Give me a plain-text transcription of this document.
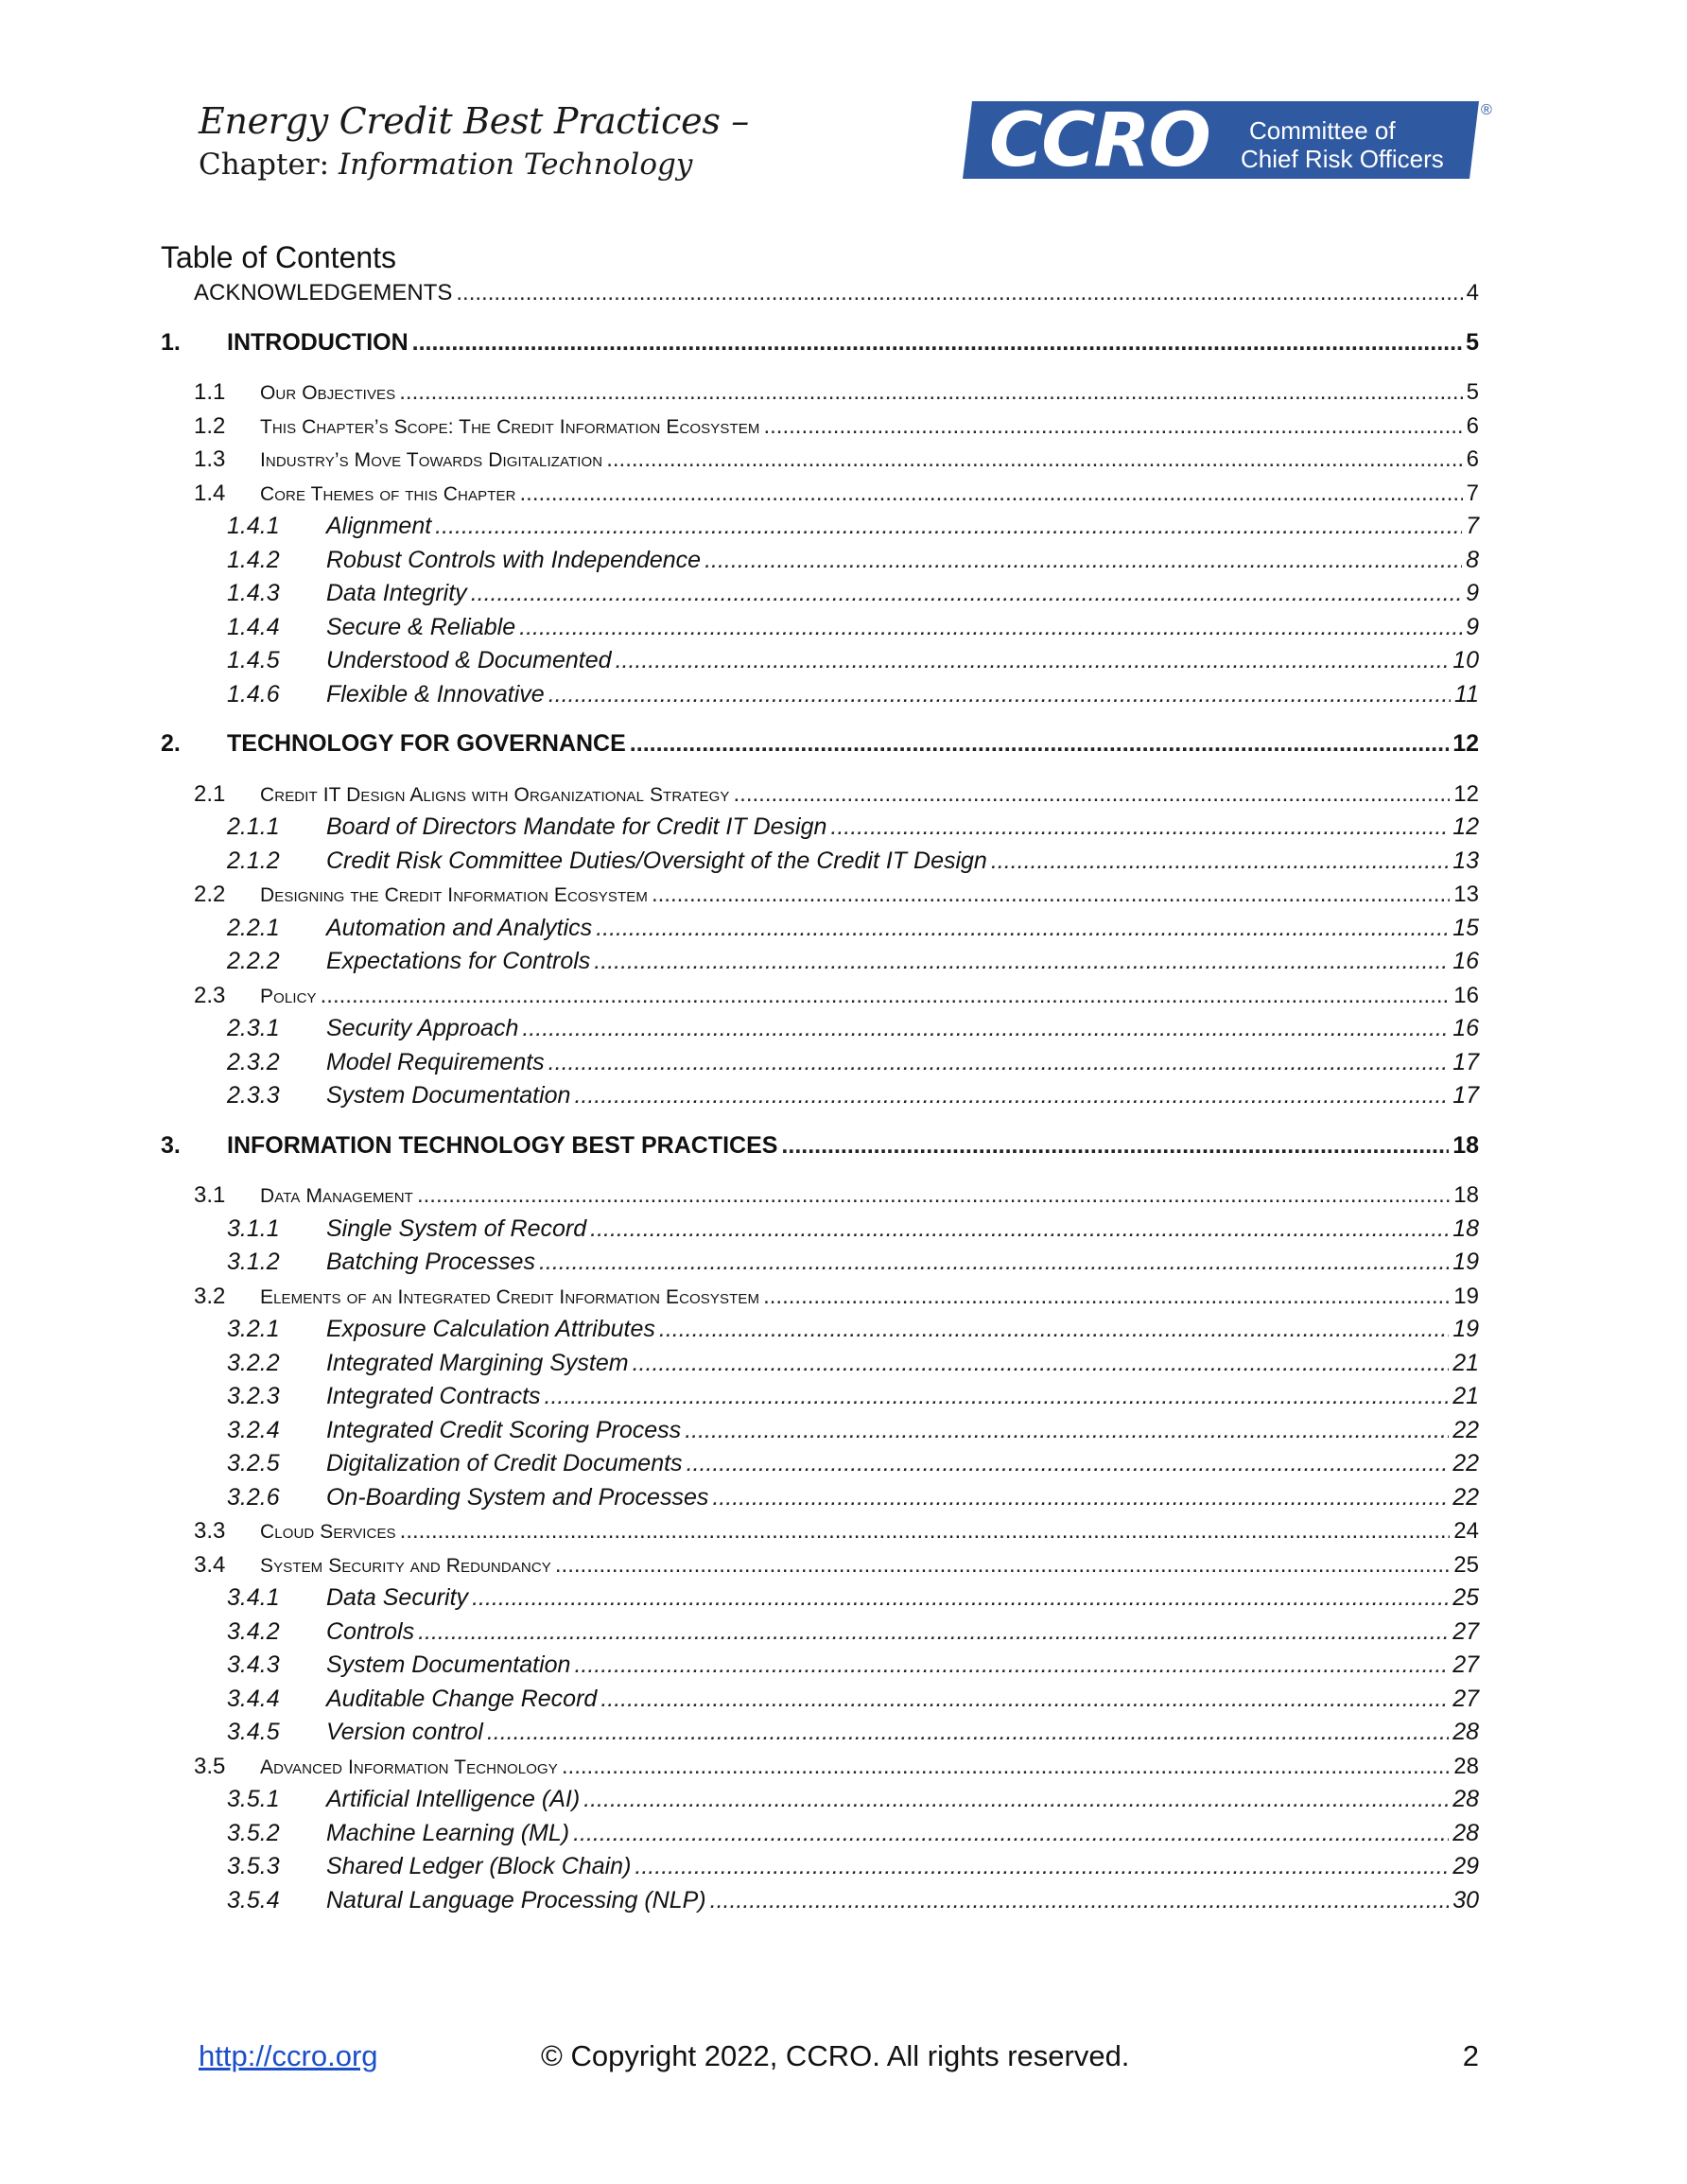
Energy Credit Best Practices –
Chapter: Information Technology	CCRO Committee of
Chief Risk Officers
®
Table of Contents
ACKNOWLEDGEMENTS .....	4
1.	INTRODUCTION .....	5
1.1	Our Objectives .....	5
1.2	This Chapter’s Scope: The Credit Information Ecosystem .....	6
1.3	Industry’s Move Towards Digitalization .....	6
1.4	Core Themes of this Chapter .....	7
1.4.1	Alignment .....	7
1.4.2	Robust Controls with Independence .....	8
1.4.3	Data Integrity .....	9
1.4.4	Secure & Reliable .....	9
1.4.5	Understood & Documented .....	10
1.4.6	Flexible & Innovative .....	11
2.	TECHNOLOGY FOR GOVERNANCE .....	12
2.1	Credit IT Design Aligns with Organizational Strategy .....	12
2.1.1	Board of Directors Mandate for Credit IT Design .....	12
2.1.2	Credit Risk Committee Duties/Oversight of the Credit IT Design .....	13
2.2	Designing the Credit Information Ecosystem .....	13
2.2.1	Automation and Analytics .....	15
2.2.2	Expectations for Controls .....	16
2.3	Policy .....	16
2.3.1	Security Approach .....	16
2.3.2	Model Requirements .....	17
2.3.3	System Documentation .....	17
3.	INFORMATION TECHNOLOGY BEST PRACTICES .....	18
3.1	Data Management .....	18
3.1.1	Single System of Record .....	18
3.1.2	Batching Processes .....	19
3.2	Elements of an Integrated Credit Information Ecosystem .....	19
3.2.1	Exposure Calculation Attributes .....	19
3.2.2	Integrated Margining System .....	21
3.2.3	Integrated Contracts .....	21
3.2.4	Integrated Credit Scoring Process .....	22
3.2.5	Digitalization of Credit Documents .....	22
3.2.6	On-Boarding System and Processes .....	22
3.3	Cloud Services .....	24
3.4	System Security and Redundancy .....	25
3.4.1	Data Security .....	25
3.4.2	Controls .....	27
3.4.3	System Documentation .....	27
3.4.4	Auditable Change Record .....	27
3.4.5	Version control .....	28
3.5	Advanced Information Technology .....	28
3.5.1	Artificial Intelligence (AI) .....	28
3.5.2	Machine Learning (ML) .....	28
3.5.3	Shared Ledger (Block Chain) .....	29
3.5.4	Natural Language Processing (NLP) .....	30
http://ccro.org	© Copyright 2022, CCRO. All rights reserved.	2
